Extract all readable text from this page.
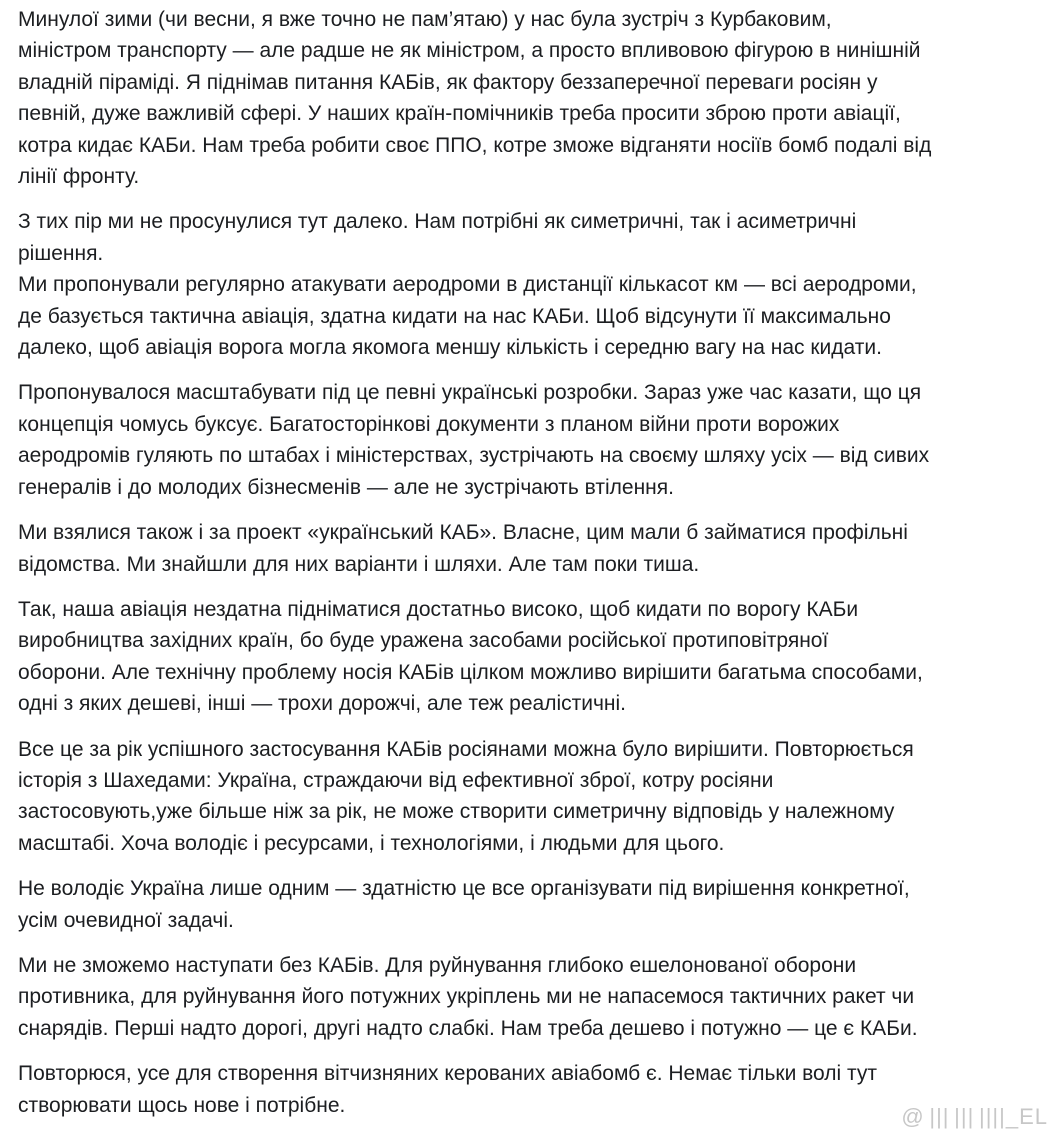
Минулої зими (чи весни, я вже точно не пам’ятаю) у нас була зустріч з Курбаковим,
міністром транспорту — але радше не як міністром, а просто впливовою фігурою в нинішній
владній піраміді. Я піднімав питання КАБів, як фактору беззаперечної переваги росіян у
певній, дуже важливій сфері. У наших країн-помічників треба просити зброю проти авіації,
котра кидає КАБи. Нам треба робити своє ППО, котре зможе відганяти носіїв бомб подалі від
лінії фронту.

З тих пір ми не просунулися тут далеко. Нам потрібні як симетричні, так і асиметричні
рішення.
Ми пропонували регулярно атакувати аеродроми в дистанції кількасот км — всі аеродроми,
де базується тактична авіація, здатна кидати на нас КАБи. Щоб відсунути її максимально
далеко, щоб авіація ворога могла якомога меншу кількість і середню вагу на нас кидати.

Пропонувалося масштабувати під це певні українські розробки. Зараз уже час казати, що ця
концепція чомусь буксує. Багатосторінкові документи з планом війни проти ворожих
аеродромів гуляють по штабах і міністерствах, зустрічають на своєму шляху усіх — від сивих
генералів і до молодих бізнесменів — але не зустрічають втілення.

Ми взялися також і за проект «український КАБ». Власне, цим мали б займатися профільні
відомства. Ми знайшли для них варіанти і шляхи. Але там поки тиша.

Так, наша авіація нездатна підніматися достатньо високо, щоб кидати по ворогу КАБи
виробництва західних країн, бо буде уражена засобами російської протиповітряної
оборони. Але технічну проблему носія КАБів цілком можливо вирішити багатьма способами,
одні з яких дешеві, інші — трохи дорожчі, але теж реалістичні.

Все це за рік успішного застосування КАБів росіянами можна було вирішити. Повторюється
історія з Шахедами: Україна, страждаючи від ефективної зброї, котру росіяни
застосовують,уже більше ніж за рік, не може створити симетричну відповідь у належному
масштабі. Хоча володіє і ресурсами, і технологіями, і людьми для цього.

Не володіє Україна лише одним — здатністю це все організувати під вирішення конкретної,
усім очевидної задачі.

Ми не зможемо наступати без КАБів. Для руйнування глибоко ешелонованої оборони
противника, для руйнування його потужних укріплень ми не напасемося тактичних ракет чи
снарядів. Перші надто дорогі, другі надто слабкі. Нам треба дешево і потужно — це є КАБи.

Повторюся, усе для створення вітчизняних керованих авіабомб є. Немає тільки волі тут
створювати щось нове і потрібне.	@ ||| ||| ||||_EL
